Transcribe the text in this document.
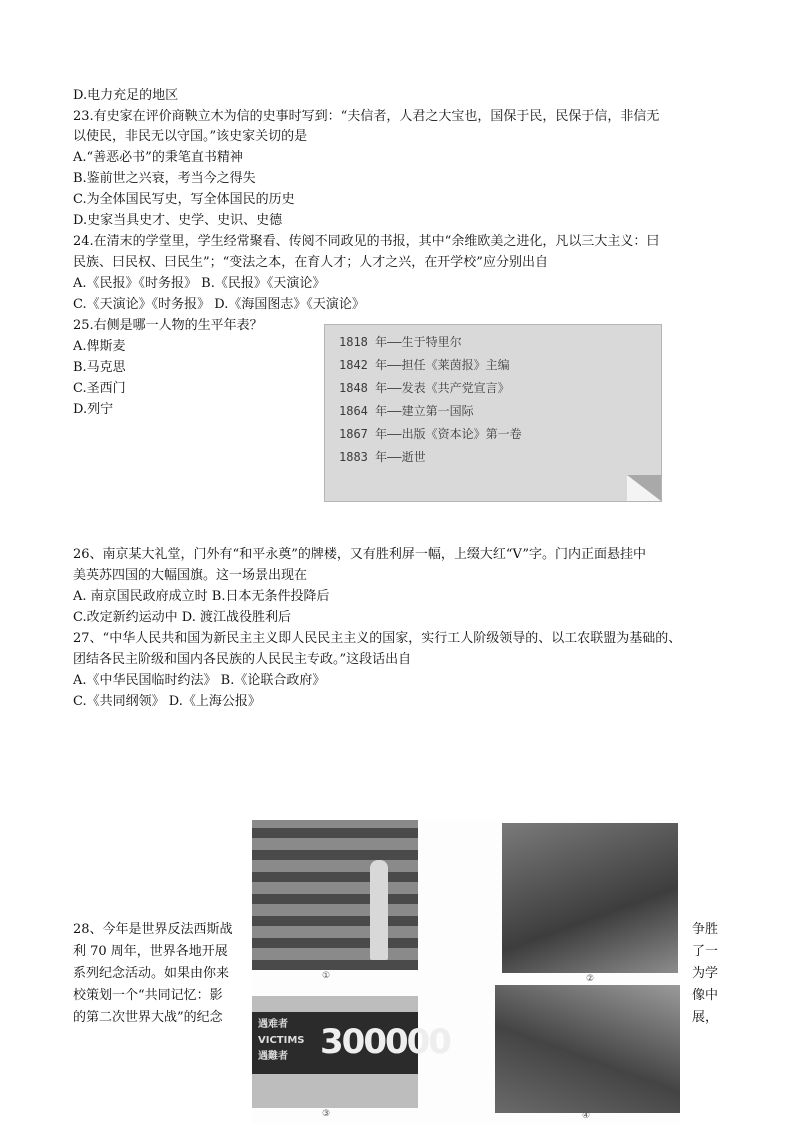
D.电力充足的地区
23.有史家在评价商鞅立木为信的史事时写到：“夫信者，人君之大宝也，国保于民，民保于信，非信无
以使民，非民无以守国。”该史家关切的是
A.“善恶必书”的秉笔直书精神
B.鉴前世之兴衰，考当今之得失
C.为全体国民写史，写全体国民的历史
D.史家当具史才、史学、史识、史德
24.在清末的学堂里，学生经常聚看、传阅不同政见的书报，其中“余维欧美之进化，凡以三大主义：曰
民族、曰民权、曰民生”；“变法之本，在育人才；人才之兴，在开学校”应分别出自
A.《民报》《时务报》 B.《民报》《天演论》
C.《天演论》《时务报》 D.《海国图志》《天演论》
25.右侧是哪一人物的生平年表？
A.俾斯麦
B.马克思
C.圣西门
D.列宁
1818 年——生于特里尔
1842 年——担任《莱茵报》主编
1848 年——发表《共产党宣言》
1864 年——建立第一国际
1867 年——出版《资本论》第一卷
1883 年——逝世
26、南京某大礼堂，门外有“和平永奠”的牌楼，又有胜利屏一幅，上缀大红“V”字。门内正面悬挂中
美英苏四国的大幅国旗。这一场景出现在
A. 南京国民政府成立时 B.日本无条件投降后
C.改定新约运动中 D. 渡江战役胜利后
27、“中华人民共和国为新民主主义即人民民主主义的国家，实行工人阶级领导的、以工农联盟为基础的、
团结各民主阶级和国内各民族的人民民主专政。”这段话出自
A.《中华民国临时约法》 B.《论联合政府》
C.《共同纲领》 D.《上海公报》
28、今年是世界反法西斯战
利 70 周年，世界各地开展
系列纪念活动。如果由你来
校策划一个“共同记忆：影
的第二次世界大战”的纪念
争胜
了一
为学
像中
展，
①	②
遇难者
VICTIMS
遇難者 300000
③	④
